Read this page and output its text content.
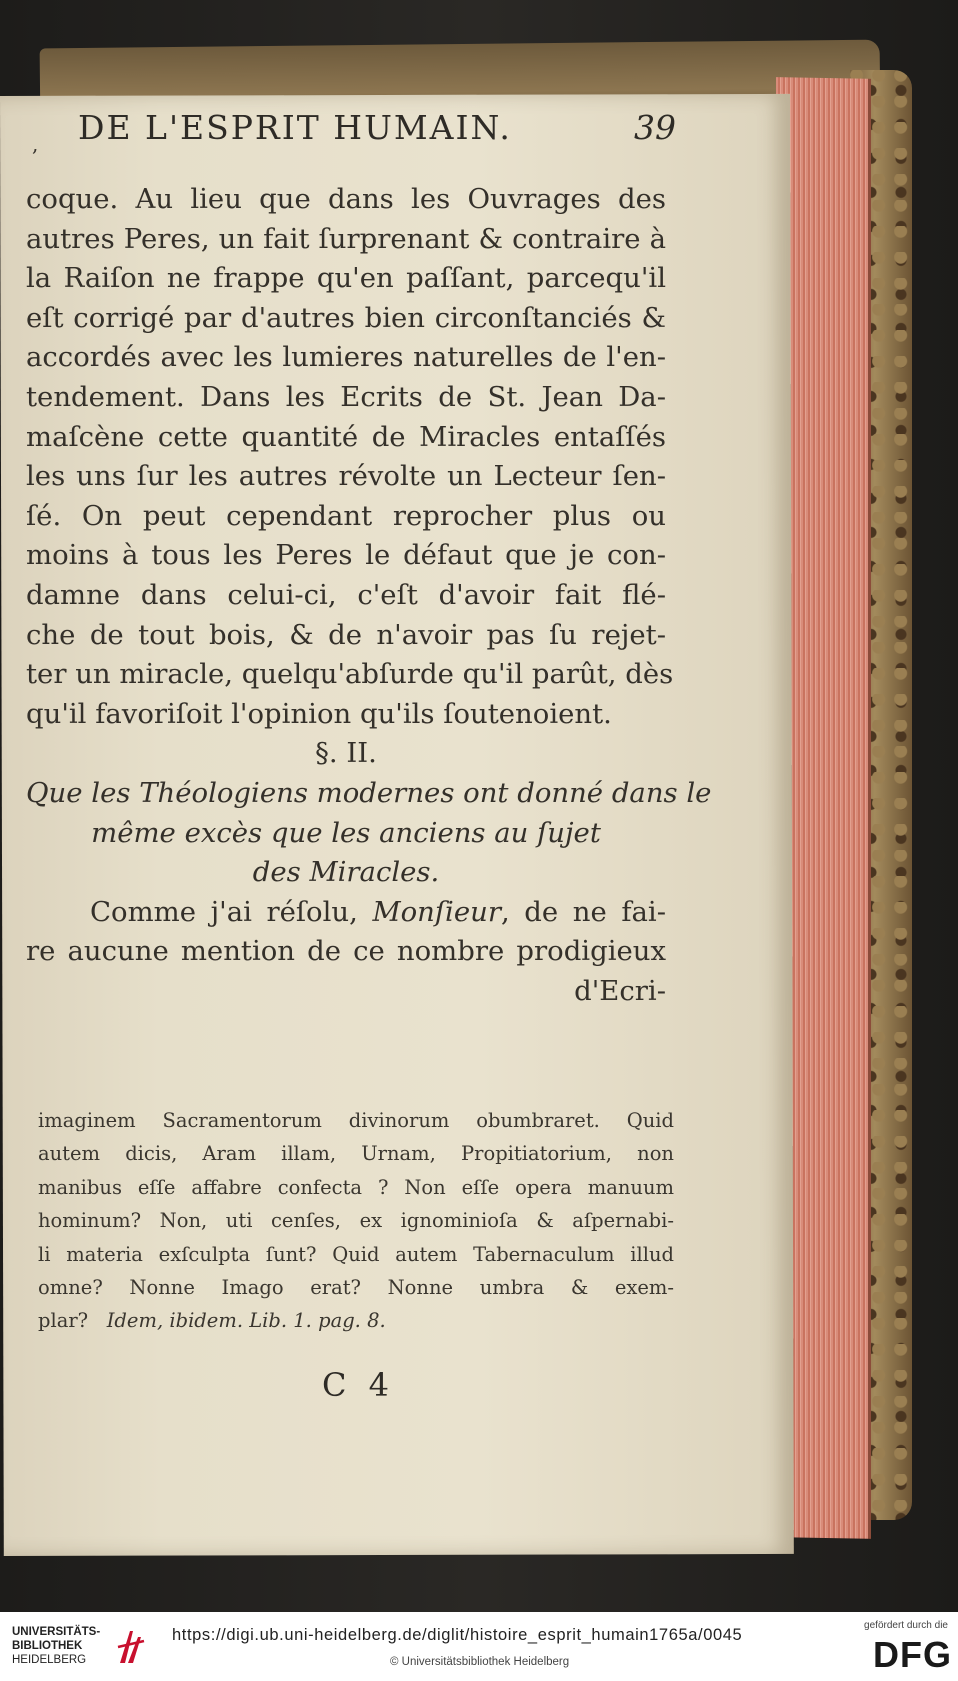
, DE L'ESPRIT HUMAIN.	39
coque. Au lieu que dans les Ouvrages des
autres Peres, un fait ſurprenant & contraire à
la Raiſon ne frappe qu'en paſſant, parcequ'il
eſt corrigé par d'autres bien circonſtanciés &
accordés avec les lumieres naturelles de l'en-
tendement. Dans les Ecrits de St. Jean Da-
maſcène cette quantité de Miracles entaſſés
les uns ſur les autres révolte un Lecteur ſen-
ſé. On peut cependant reprocher plus ou
moins à tous les Peres le défaut que je con-
damne dans celui-ci, c'eſt d'avoir fait flé-
che de tout bois, & de n'avoir pas ſu rejet-
ter un miracle, quelqu'abſurde qu'il parût, dès
qu'il favoriſoit l'opinion qu'ils ſoutenoient.
§. II.
Que les Théologiens modernes ont donné dans le
même excès que les anciens au ſujet
des Miracles.
Comme j'ai réſolu, Monſieur, de ne fai-
re aucune mention de ce nombre prodigieux
d'Ecri-
imaginem Sacramentorum divinorum obumbraret. Quid
autem dicis, Aram illam, Urnam, Propitiatorium, non
manibus eſſe affabre confecta ? Non eſſe opera manuum
hominum? Non, uti cenſes, ex ignominioſa & aſpernabi-
li materia exſculpta ſunt? Quid autem Tabernaculum illud
omne? Nonne Imago erat? Nonne umbra & exem-
plar? Idem, ibidem. Lib. 1. pag. 8.
C 4
UNIVERSITÄTS-
BIBLIOTHEK
HEIDELBERG
https://digi.ub.uni-heidelberg.de/diglit/histoire_esprit_humain1765a/0045
© Universitätsbibliothek Heidelberg
gefördert durch die
DFG
